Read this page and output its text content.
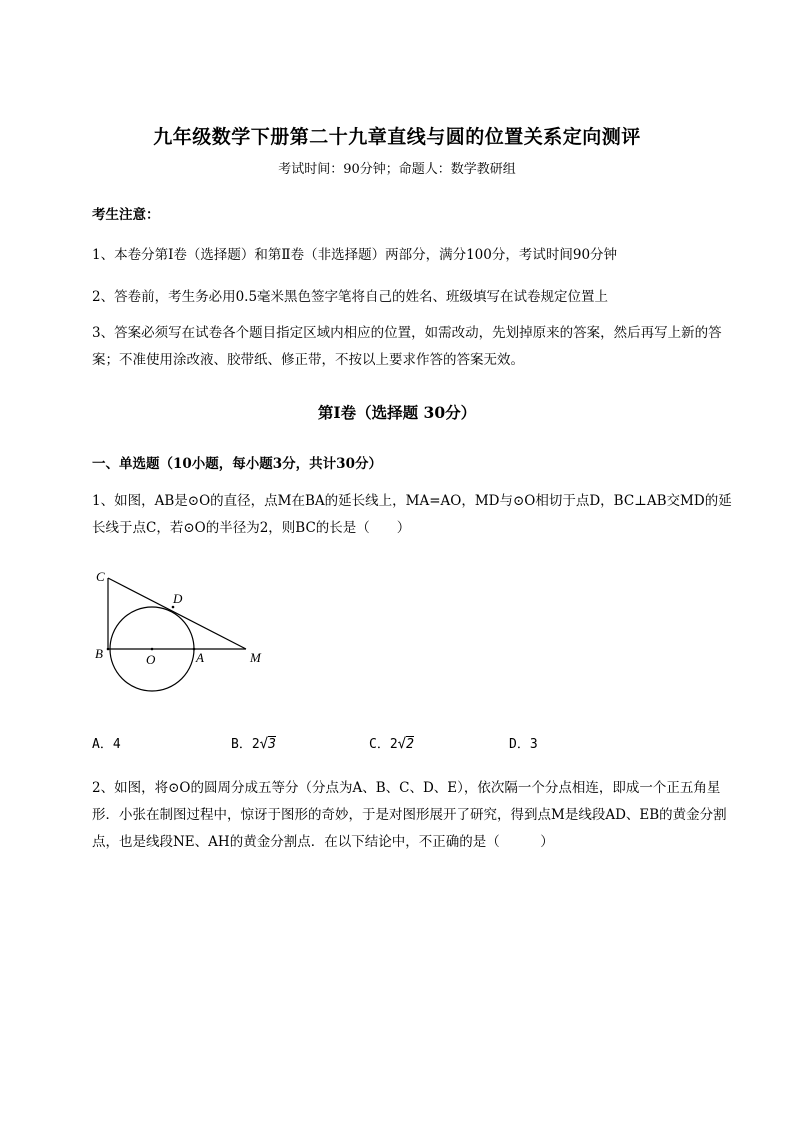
九年级数学下册第二十九章直线与圆的位置关系定向测评
考试时间：90分钟；命题人：数学教研组
考生注意：
1、本卷分第I卷（选择题）和第Ⅱ卷（非选择题）两部分，满分100分，考试时间90分钟
2、答卷前，考生务必用0.5毫米黑色签字笔将自己的姓名、班级填写在试卷规定位置上
3、答案必须写在试卷各个题目指定区域内相应的位置，如需改动，先划掉原来的答案，然后再写上新的答案；不准使用涂改液、胶带纸、修正带，不按以上要求作答的答案无效。
第I卷（选择题 30分）
一、单选题（10小题，每小题3分，共计30分）
1、如图，AB是⊙O的直径，点M在BA的延长线上，MA=AO，MD与⊙O相切于点D，BC⊥AB交MD的延长线于点C，若⊙O的半径为2，则BC的长是（　　）
C
D
B	O	A	M
A．4	B．2√3	C．2√2	D．3
2、如图，将⊙O的圆周分成五等分（分点为A、B、C、D、E），依次隔一个分点相连，即成一个正五角星形．小张在制图过程中，惊讶于图形的奇妙，于是对图形展开了研究，得到点M是线段AD、EB的黄金分割点，也是线段NE、AH的黄金分割点．在以下结论中，不正确的是（　　　）
